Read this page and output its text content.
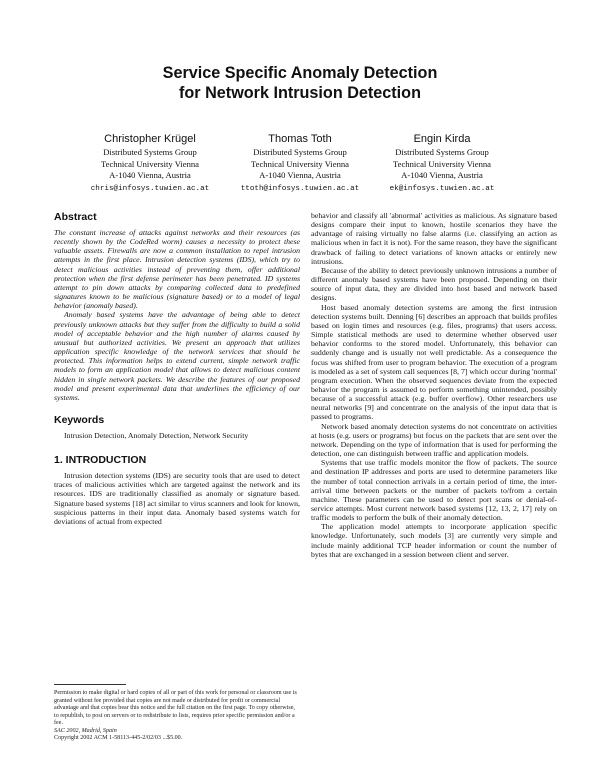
Service Specific Anomaly Detection
for Network Intrusion Detection
Christopher Krügel
Distributed Systems Group
Technical University Vienna
A-1040 Vienna, Austria
chris@infosys.tuwien.ac.at
Thomas Toth
Distributed Systems Group
Technical University Vienna
A-1040 Vienna, Austria
ttoth@infosys.tuwien.ac.at
Engin Kirda
Distributed Systems Group
Technical University Vienna
A-1040 Vienna, Austria
ek@infosys.tuwien.ac.at
Abstract

The constant increase of attacks against networks and their resources (as recently shown by the CodeRed worm) causes a necessity to protect these valuable assets. Firewalls are now a common installation to repel intrusion attempts in the first place. Intrusion detection systems (IDS), which try to detect malicious activities instead of preventing them, offer additional protection when the first defense perimeter has been penetrated. ID systems attempt to pin down attacks by comparing collected data to predefined signatures known to be malicious (signature based) or to a model of legal behavior (anomaly based).

Anomaly based systems have the advantage of being able to detect previously unknown attacks but they suffer from the difficulty to build a solid model of acceptable behavior and the high number of alarms caused by unusual but authorized activities. We present an approach that utilizes application specific knowledge of the network services that should be protected. This information helps to extend current, simple network traffic models to form an application model that allows to detect malicious content hidden in single network packets. We describe the features of our proposed model and present experimental data that underlines the efficiency of our systems.

Keywords

Intrusion Detection, Anomaly Detection, Network Security

1. INTRODUCTION

Intrusion detection systems (IDS) are security tools that are used to detect traces of malicious activities which are targeted against the network and its resources. IDS are traditionally classified as anomaly or signature based. Signature based systems [18] act similar to virus scanners and look for known, suspicious patterns in their input data. Anomaly based systems watch for deviations of actual from expected

Permission to make digital or hard copies of all or part of this work for personal or classroom use is granted without fee provided that copies are not made or distributed for profit or commercial advantage and that copies bear this notice and the full citation on the first page. To copy otherwise, to republish, to post on servers or to redistribute to lists, requires prior specific permission and/or a fee.
SAC 2002, Madrid, Spain
Copyright 2002 ACM 1-58113-445-2/02/03 ...$5.00.

behavior and classify all 'abnormal' activities as malicious. As signature based designs compare their input to known, hostile scenarios they have the advantage of raising virtually no false alarms (i.e. classifying an action as malicious when in fact it is not). For the same reason, they have the significant drawback of failing to detect variations of known attacks or entirely new intrusions.

Because of the ability to detect previously unknown intrusions a number of different anomaly based systems have been proposed. Depending on their source of input data, they are divided into host based and network based designs.

Host based anomaly detection systems are among the first intrusion detection systems built. Denning [6] describes an approach that builds profiles based on login times and resources (e.g. files, programs) that users access. Simple statistical methods are used to determine whether observed user behavior conforms to the stored model. Unfortunately, this behavior can suddenly change and is usually not well predictable. As a consequence the focus was shifted from user to program behavior. The execution of a program is modeled as a set of system call sequences [8, 7] which occur during 'normal' program execution. When the observed sequences deviate from the expected behavior the program is assumed to perform something unintended, possibly because of a successful attack (e.g. buffer overflow). Other researchers use neural networks [9] and concentrate on the analysis of the input data that is passed to programs.

Network based anomaly detection systems do not concentrate on activities at hosts (e.g. users or programs) but focus on the packets that are sent over the network. Depending on the type of information that is used for performing the detection, one can distinguish between traffic and application models.

Systems that use traffic models monitor the flow of packets. The source and destination IP addresses and ports are used to determine parameters like the number of total connection arrivals in a certain period of time, the inter-arrival time between packets or the number of packets to/from a certain machine. These parameters can be used to detect port scans or denial-of-service attempts. Most current network based systems [12, 13, 2, 17] rely on traffic models to perform the bulk of their anomaly detection.

The application model attempts to incorporate application specific knowledge. Unfortunately, such models [3] are currently very simple and include mainly additional TCP header information or count the number of bytes that are exchanged in a session between client and server.
